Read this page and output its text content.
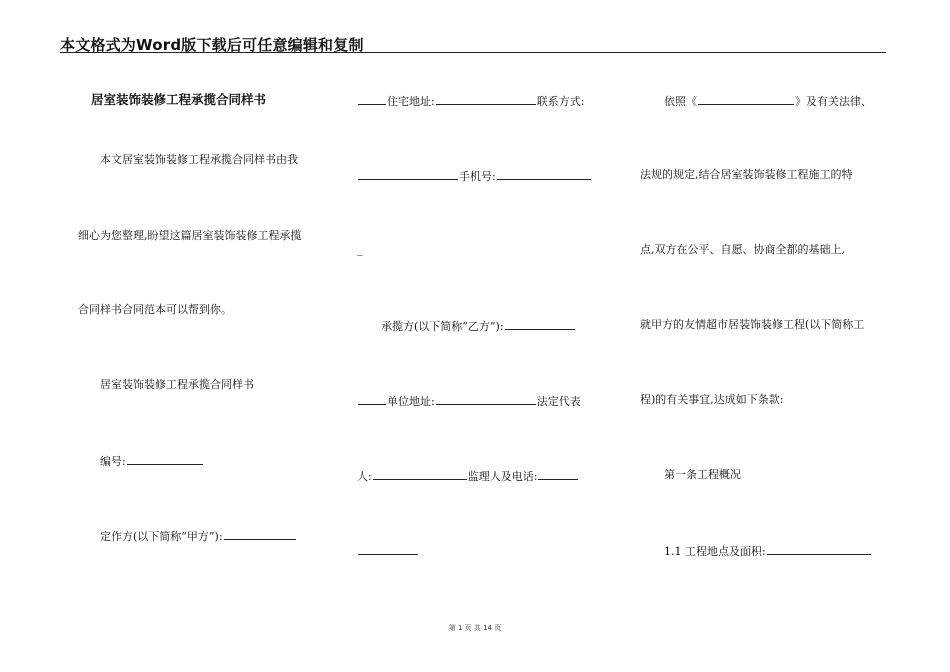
本文格式为Word版下载后可任意编辑和复制
居室装饰装修工程承揽合同样书
本文居室装饰装修工程承揽合同样书由我
细心为您整理,盼望这篇居室装饰装修工程承揽
合同样书合同范本可以帮到你。
居室装饰装修工程承揽合同样书
编号:
定作方(以下简称“甲方”):
住宅地址:	联系方式:
手机号:
_
承揽方(以下简称“乙方”):
单位地址:	法定代表
人:	监理人及电话:
依照《	》及有关法律、
法规的规定,结合居室装饰装修工程施工的特
点,双方在公平、自愿、协商全都的基础上,
就甲方的友情超市居装饰装修工程(以下简称工
程)的有关事宜,达成如下条款:
第一条工程概况
1.1 工程地点及面积:
第 1 页 共 14 页
